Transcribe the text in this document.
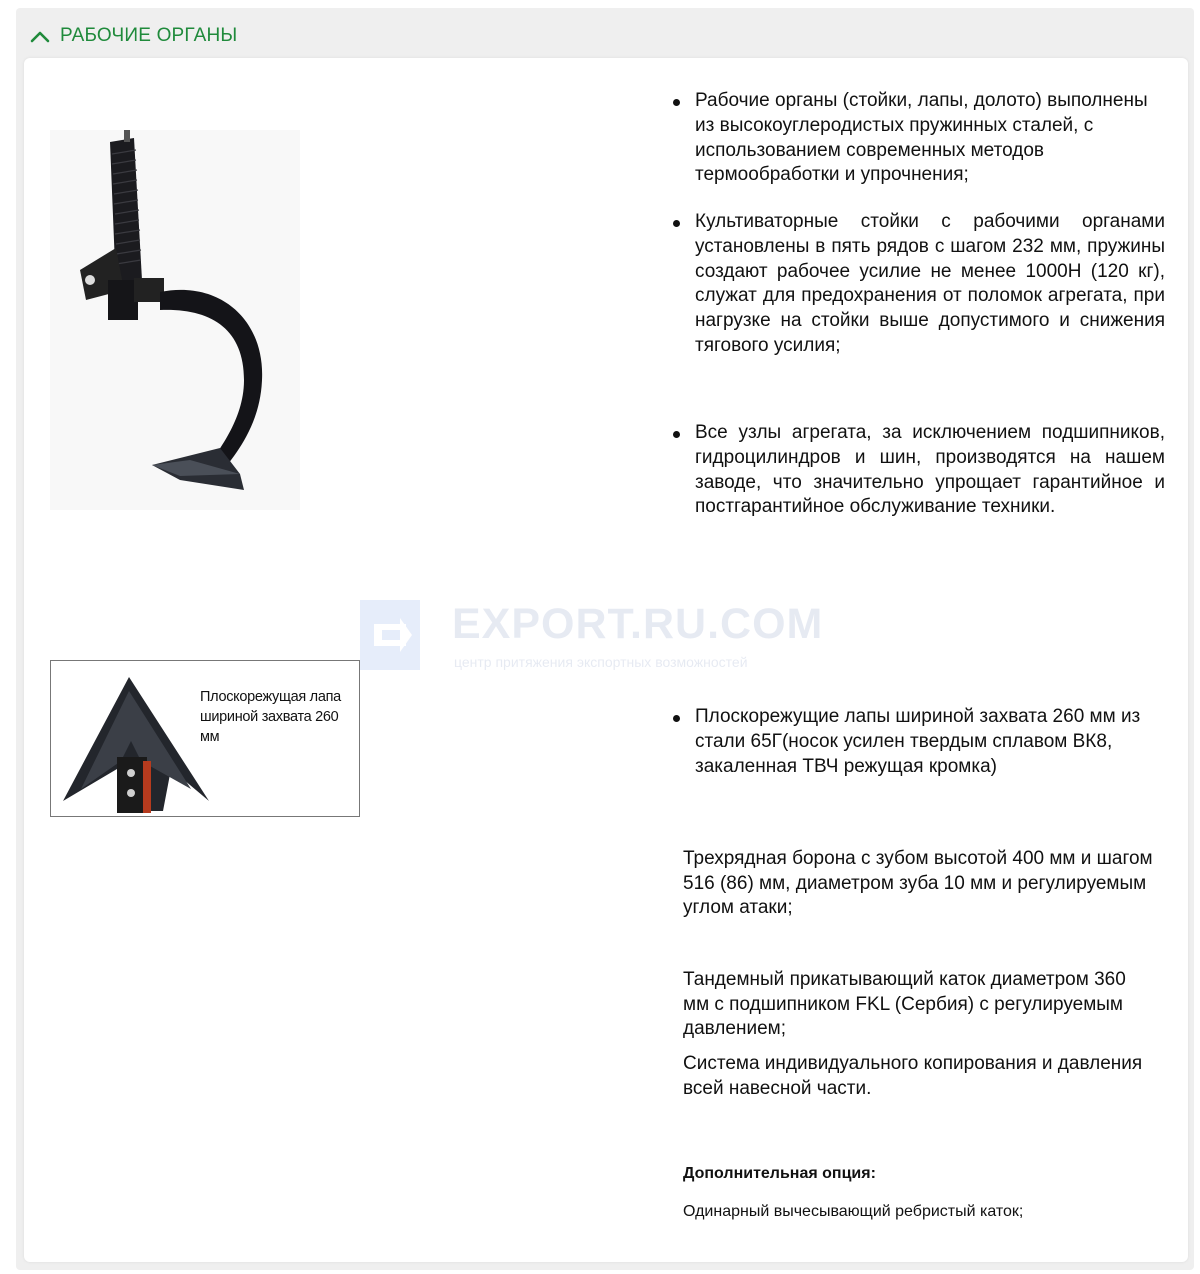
РАБОЧИЕ ОРГАНЫ
EXPORT.RU.COM
центр притяжения экспортных возможностей
Плоскорежущая лапа шириной захвата 260 мм
Рабочие органы (стойки, лапы, долото) выполнены из высокоуглеродистых пружинных сталей, с использованием современных методов термообработки и упрочнения;
Культиваторные стойки с рабочими органами установлены в пять рядов с шагом 232 мм, пружины создают рабочее усилие не менее 1000Н (120 кг), служат для предохранения от поломок агрегата, при нагрузке на стойки выше допустимого и снижения тягового усилия;
Все узлы агрегата, за исключением подшипников, гидроцилиндров и шин, производятся на нашем заводе, что значительно упрощает гарантийное и постгарантийное обслуживание техники.
Плоскорежущие лапы шириной захвата 260 мм из стали 65Г(носок усилен твердым сплавом ВК8, закаленная ТВЧ режущая кромка)
Трехрядная борона с зубом высотой 400 мм и шагом 516 (86) мм, диаметром зуба 10 мм и регулируемым углом атаки;
Тандемный прикатывающий каток диаметром 360 мм с подшипником FKL (Сербия) с регулируемым давлением;
Система индивидуального копирования и давления всей навесной части.
Дополнительная опция:
Одинарный вычесывающий ребристый каток;
